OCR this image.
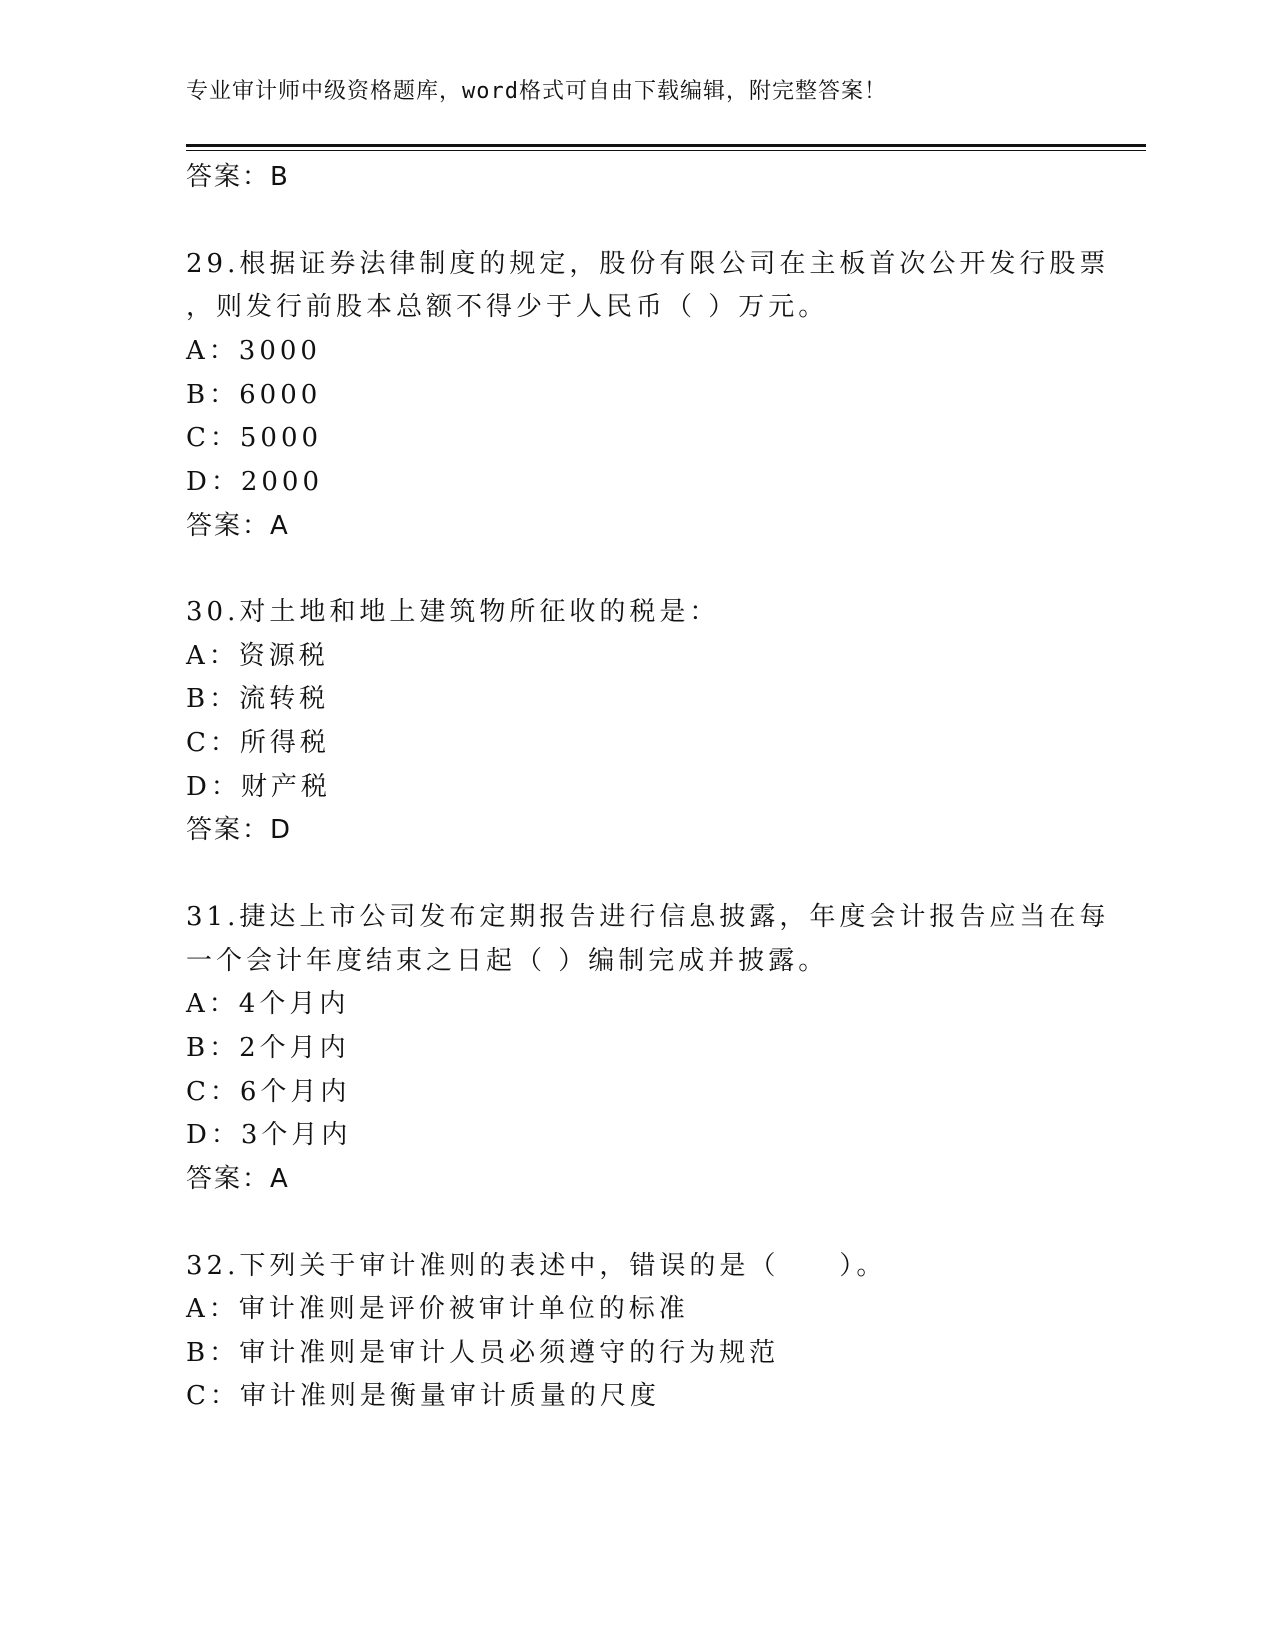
专业审计师中级资格题库，word格式可自由下载编辑，附完整答案！
答案：B
29.根据证券法律制度的规定，股份有限公司在主板首次公开发行股票
，则发行前股本总额不得少于人民币（ ）万元。
A：3000
B：6000
C：5000
D：2000
答案：A
30.对土地和地上建筑物所征收的税是：
A：资源税
B：流转税
C：所得税
D：财产税
答案：D
31.捷达上市公司发布定期报告进行信息披露，年度会计报告应当在每
一个会计年度结束之日起（ ）编制完成并披露。
A：4个月内
B：2个月内
C：6个月内
D：3个月内
答案：A
32.下列关于审计准则的表述中，错误的是（　　）。
A：审计准则是评价被审计单位的标准
B：审计准则是审计人员必须遵守的行为规范
C：审计准则是衡量审计质量的尺度
